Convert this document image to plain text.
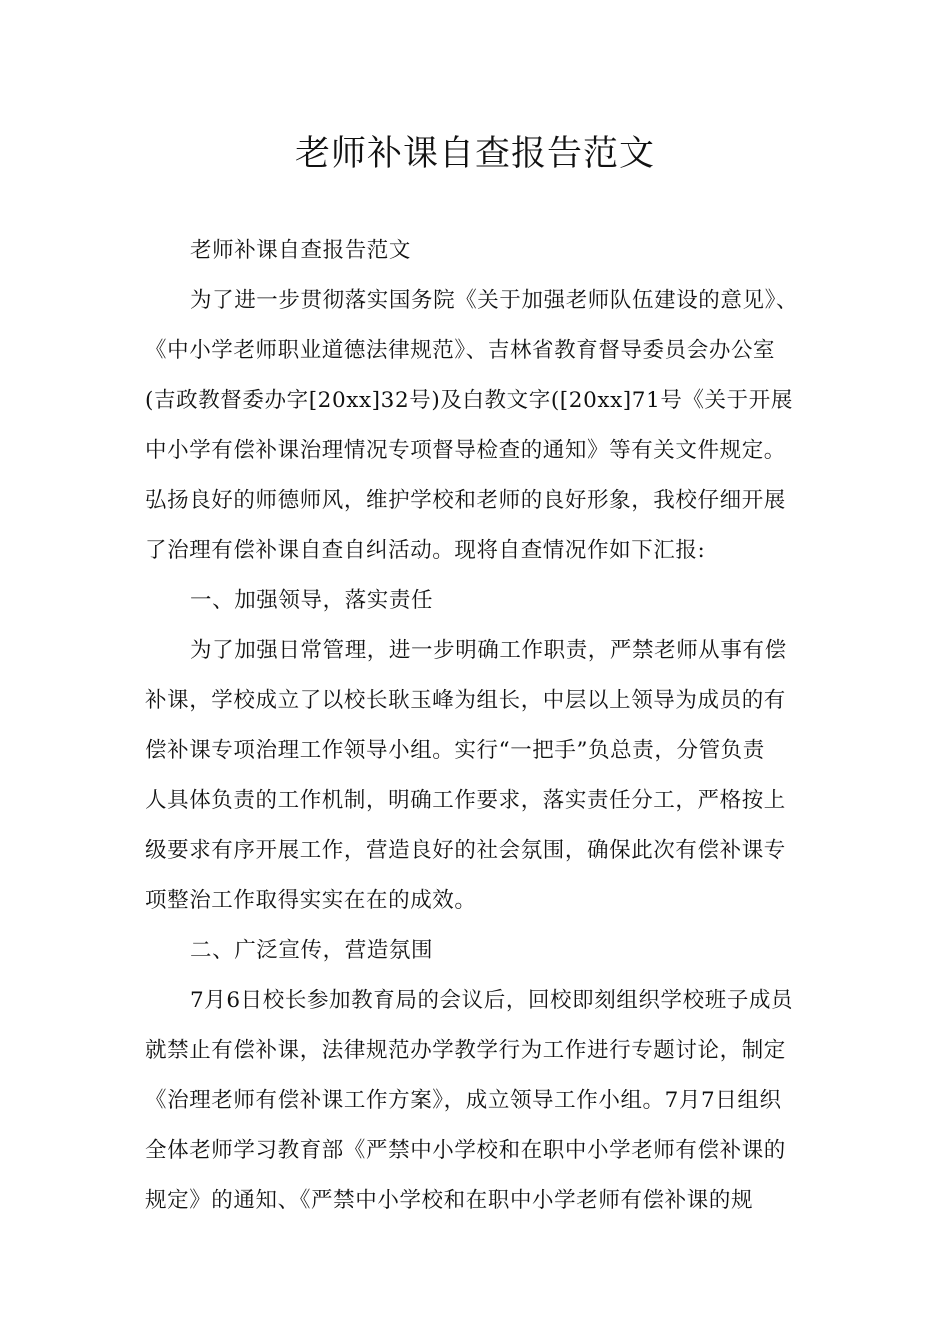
老师补课自查报告范文
老师补课自查报告范文
为了进一步贯彻落实国务院《关于加强老师队伍建设的意见》、
《中小学老师职业道德法律规范》、吉林省教育督导委员会办公室
(吉政教督委办字[20xx]32号)及白教文字([20xx]71号《关于开展
中小学有偿补课治理情况专项督导检查的通知》等有关文件规定。
弘扬良好的师德师风，维护学校和老师的良好形象，我校仔细开展
了治理有偿补课自查自纠活动。现将自查情况作如下汇报:
一、加强领导，落实责任
为了加强日常管理，进一步明确工作职责，严禁老师从事有偿
补课，学校成立了以校长耿玉峰为组长，中层以上领导为成员的有
偿补课专项治理工作领导小组。实行“一把手”负总责，分管负责
人具体负责的工作机制，明确工作要求，落实责任分工，严格按上
级要求有序开展工作，营造良好的社会氛围，确保此次有偿补课专
项整治工作取得实实在在的成效。
二、广泛宣传，营造氛围
7月6日校长参加教育局的会议后，回校即刻组织学校班子成员
就禁止有偿补课，法律规范办学教学行为工作进行专题讨论，制定
《治理老师有偿补课工作方案》，成立领导工作小组。7月7日组织
全体老师学习教育部《严禁中小学校和在职中小学老师有偿补课的
规定》的通知、《严禁中小学校和在职中小学老师有偿补课的规
